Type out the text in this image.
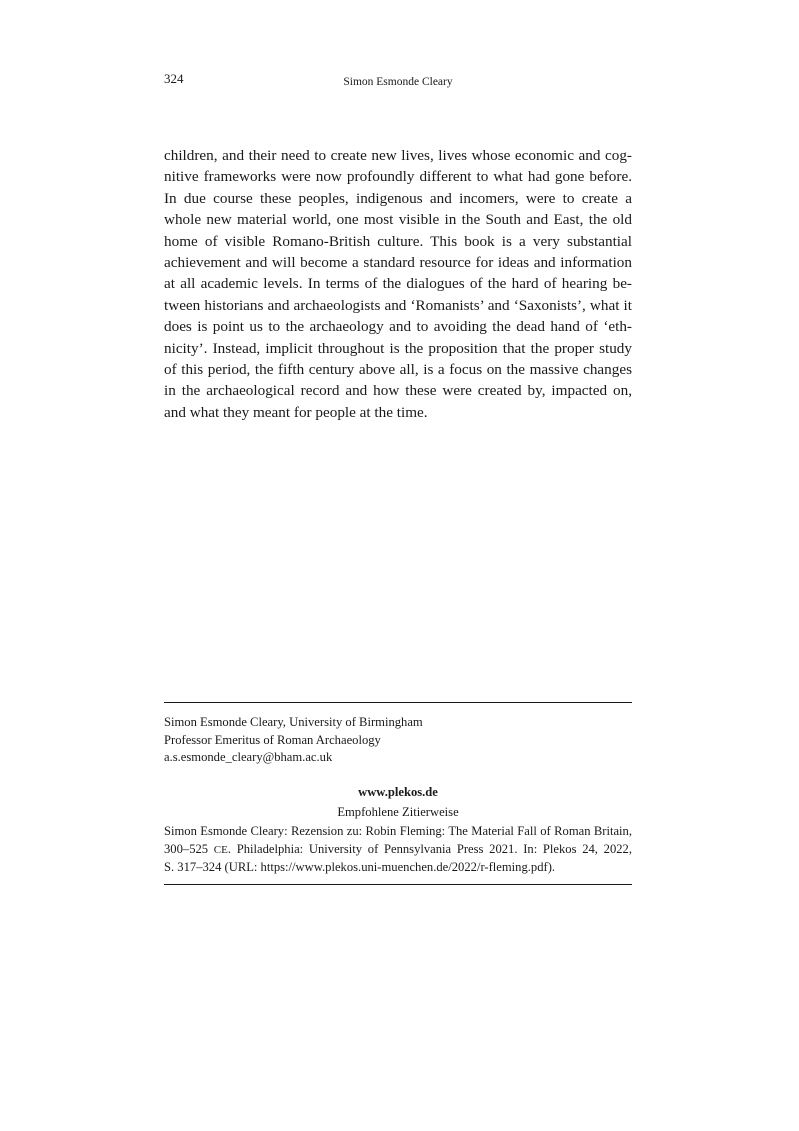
324	Simon Esmonde Cleary
children, and their need to create new lives, lives whose economic and cog-
nitive frameworks were now profoundly different to what had gone before.
In due course these peoples, indigenous and incomers, were to create a
whole new material world, one most visible in the South and East, the old
home of visible Romano-British culture. This book is a very substantial
achievement and will become a standard resource for ideas and information
at all academic levels. In terms of the dialogues of the hard of hearing be-
tween historians and archaeologists and ‘Romanists’ and ‘Saxonists’, what it
does is point us to the archaeology and to avoiding the dead hand of ‘eth-
nicity’. Instead, implicit throughout is the proposition that the proper study
of this period, the fifth century above all, is a focus on the massive changes
in the archaeological record and how these were created by, impacted on,
and what they meant for people at the time.
Simon Esmonde Cleary, University of Birmingham
Professor Emeritus of Roman Archaeology
a.s.esmonde_cleary@bham.ac.uk
www.plekos.de
Empfohlene Zitierweise
Simon Esmonde Cleary: Rezension zu: Robin Fleming: The Material Fall of Roman Britain,
300–525 CE. Philadelphia: University of Pennsylvania Press 2021. In: Plekos 24, 2022,
S. 317–324 (URL: https://www.plekos.uni-muenchen.de/2022/r-fleming.pdf).
